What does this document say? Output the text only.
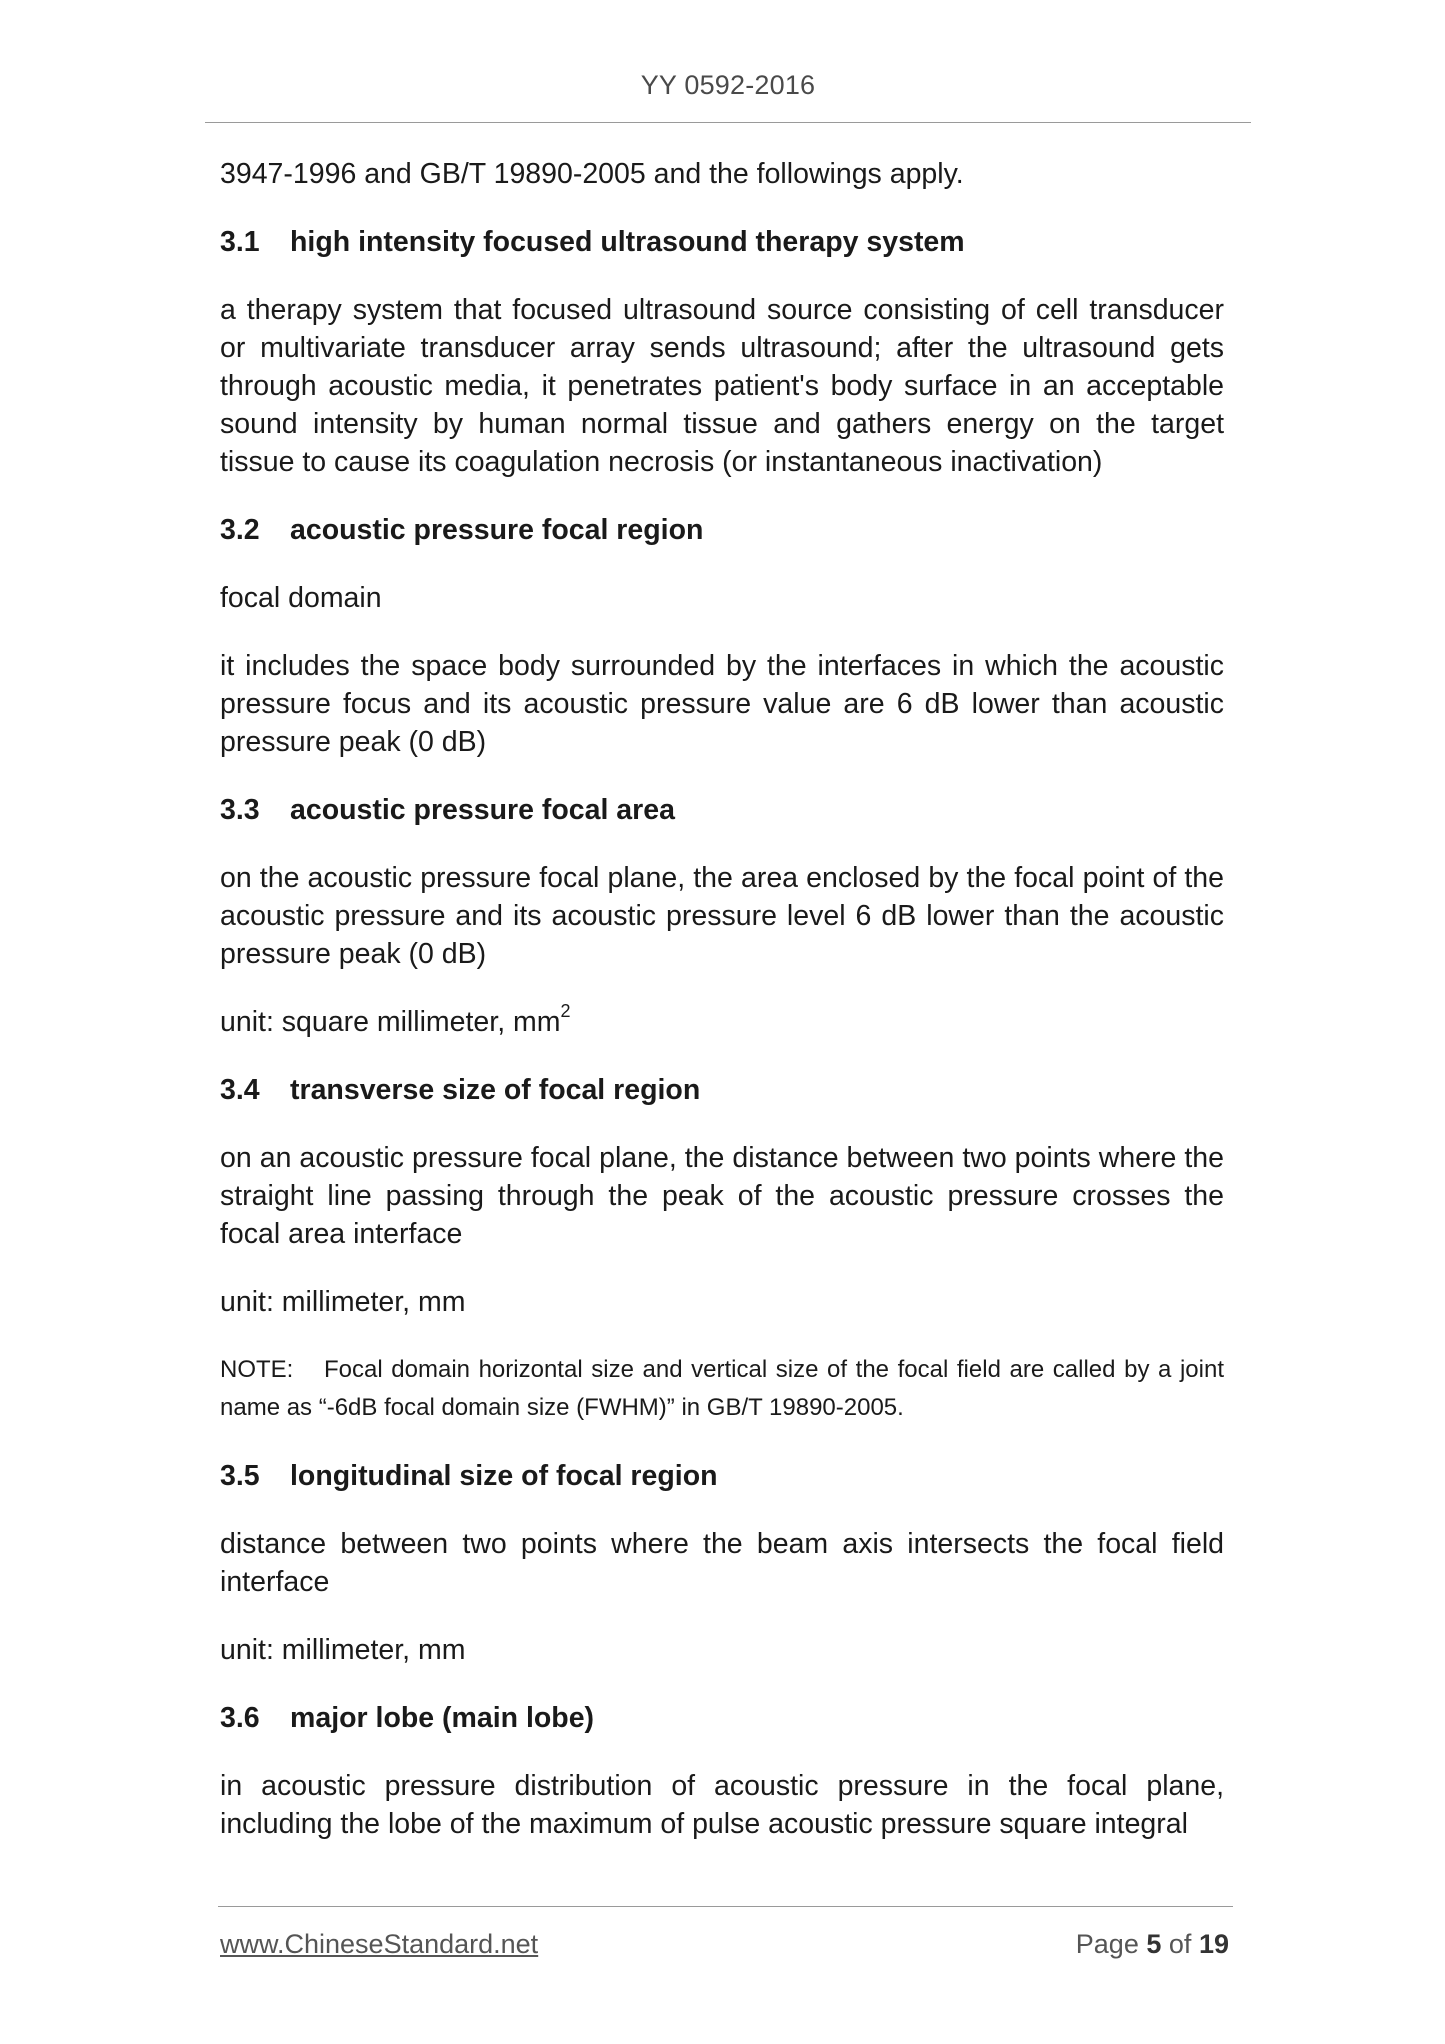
YY 0592-2016

3947-1996 and GB/T 19890-2005 and the followings apply.

3.1 high intensity focused ultrasound therapy system

a therapy system that focused ultrasound source consisting of cell transducer or multivariate transducer array sends ultrasound; after the ultrasound gets through acoustic media, it penetrates patient's body surface in an acceptable sound intensity by human normal tissue and gathers energy on the target tissue to cause its coagulation necrosis (or instantaneous inactivation)

3.2 acoustic pressure focal region

focal domain

it includes the space body surrounded by the interfaces in which the acoustic pressure focus and its acoustic pressure value are 6 dB lower than acoustic pressure peak (0 dB)

3.3 acoustic pressure focal area

on the acoustic pressure focal plane, the area enclosed by the focal point of the acoustic pressure and its acoustic pressure level 6 dB lower than the acoustic pressure peak (0 dB)

unit: square millimeter, $mm^2$

3.4 transverse size of focal region

on an acoustic pressure focal plane, the distance between two points where the straight line passing through the peak of the acoustic pressure crosses the focal area interface

unit: millimeter, mm

NOTE: Focal domain horizontal size and vertical size of the focal field are called by a joint name as “-6dB focal domain size (FWHM)” in GB/T 19890-2005.

3.5 longitudinal size of focal region

distance between two points where the beam axis intersects the focal field interface

unit: millimeter, mm

3.6 major lobe (main lobe)

in acoustic pressure distribution of acoustic pressure in the focal plane, including the lobe of the maximum of pulse acoustic pressure square integral

www.ChineseStandard.net	Page 5 of 19
